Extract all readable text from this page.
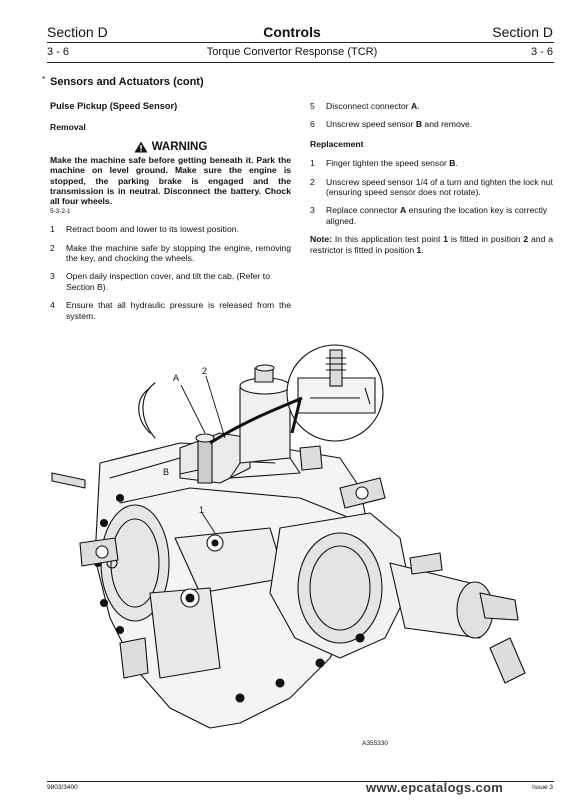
Section D	Controls	Section D
3 - 6	Torque Convertor Response (TCR)	3 - 6
* Sensors and Actuators (cont)
Pulse Pickup (Speed Sensor)
Removal
WARNING
Make the machine safe before getting beneath it. Park the machine on level ground. Make sure the engine is stopped, the parking brake is engaged and the transmission is in neutral. Disconnect the battery. Chock all four wheels.
5-3-2-1
1	Retract boom and lower to its lowest position.
2	Make the machine safe by stopping the engine, removing the key, and chocking the wheels.
3	Open daily inspection cover, and tilt the cab. (Refer to Section B).
4	Ensure that all hydraulic pressure is released from the system.
5	Disconnect connector A.
6	Unscrew speed sensor B and remove.
Replacement
1	Finger tighten the speed sensor B.
2	Unscrew speed sensor 1/4 of a turn and tighten the lock nut (ensuring speed sensor does not rotate).
3	Replace connector A ensuring the location key is correctly aligned.
Note: In this application test point 1 is fitted in position 2 and a restrictor is fitted in position 1.
A
2
B
1
A355330
9803/3400	www.epcatalogs.com	Issue 3
